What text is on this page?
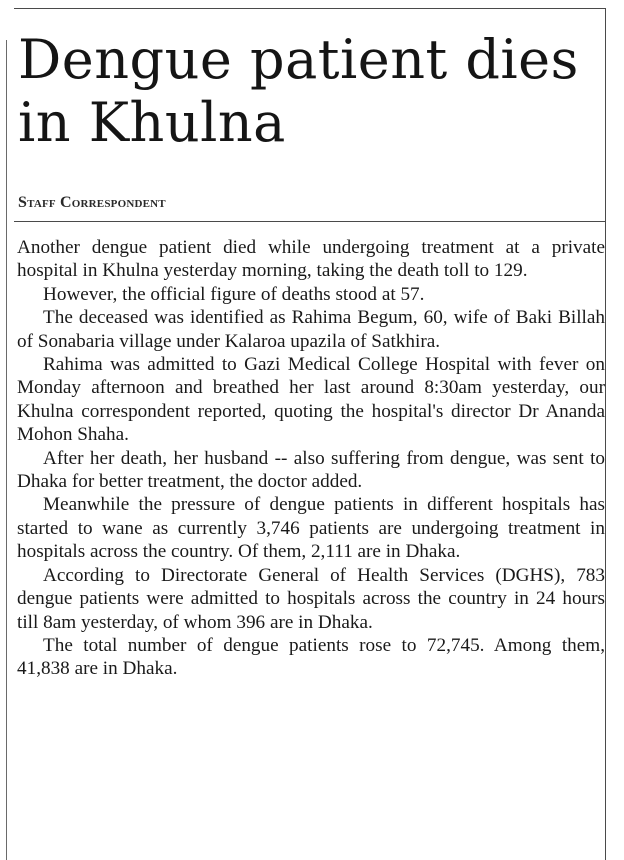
Dengue patient dies in Khulna
Staff Correspondent

Another dengue patient died while undergoing treatment at a private hospital in Khulna yesterday morning, taking the death toll to 129.

However, the official figure of deaths stood at 57.

The deceased was identified as Rahima Begum, 60, wife of Baki Billah of Sonabaria village under Kalaroa upazila of Satkhira.

Rahima was admitted to Gazi Medical College Hospital with fever on Monday afternoon and breathed her last around 8:30am yesterday, our Khulna correspondent reported, quoting the hospital's director Dr Ananda Mohon Shaha.

After her death, her husband -- also suffering from dengue, was sent to Dhaka for better treatment, the doctor added.

Meanwhile the pressure of dengue patients in different hospitals has started to wane as currently 3,746 patients are undergoing treatment in hospitals across the country. Of them, 2,111 are in Dhaka.

According to Directorate General of Health Services (DGHS), 783 dengue patients were admitted to hospitals across the country in 24 hours till 8am yesterday, of whom 396 are in Dhaka.

The total number of dengue patients rose to 72,745. Among them, 41,838 are in Dhaka.
